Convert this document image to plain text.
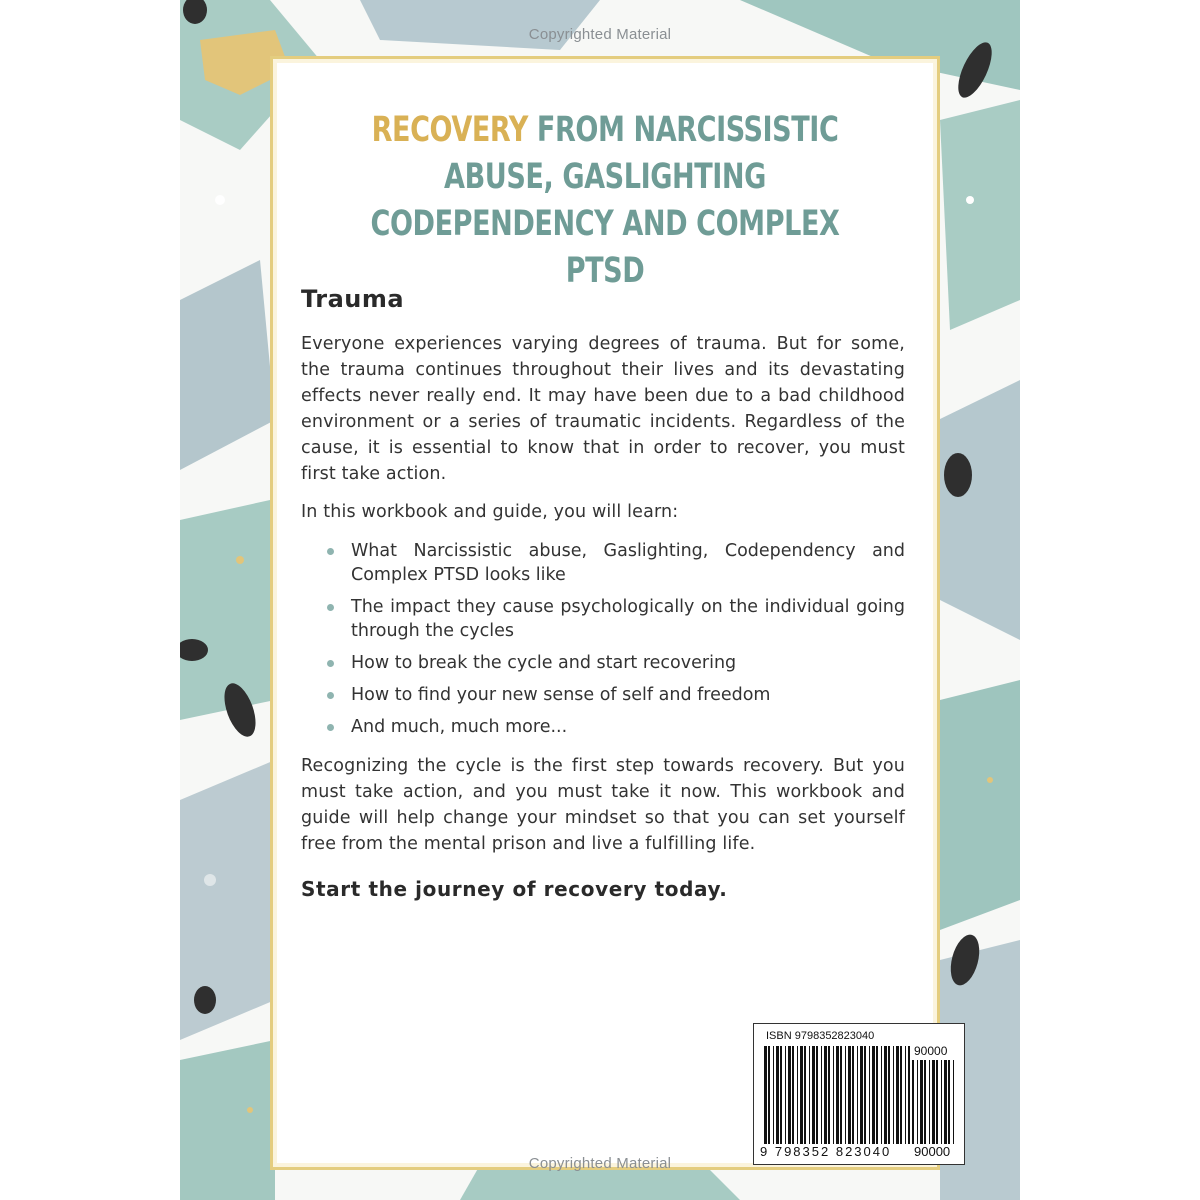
Copyrighted Material
RECOVERY FROM NARCISSISTIC ABUSE, GASLIGHTING CODEPENDENCY AND COMPLEX PTSD
Trauma

Everyone experiences varying degrees of trauma. But for some, the trauma continues throughout their lives and its devastating effects never really end. It may have been due to a bad childhood environment or a series of traumatic incidents. Regardless of the cause, it is essential to know that in order to recover, you must first take action.

In this workbook and guide, you will learn:

What Narcissistic abuse, Gaslighting, Codependency and Complex PTSD looks like
The impact they cause psychologically on the individual going through the cycles
How to break the cycle and start recovering
How to find your new sense of self and freedom
And much, much more...

Recognizing the cycle is the first step towards recovery. But you must take action, and you must take it now. This workbook and guide will help change your mindset so that you can set yourself free from the mental prison and live a fulfilling life.

Start the journey of recovery today.

ISBN 9798352823040
90000
9 798352 823040 90000
Copyrighted Material
